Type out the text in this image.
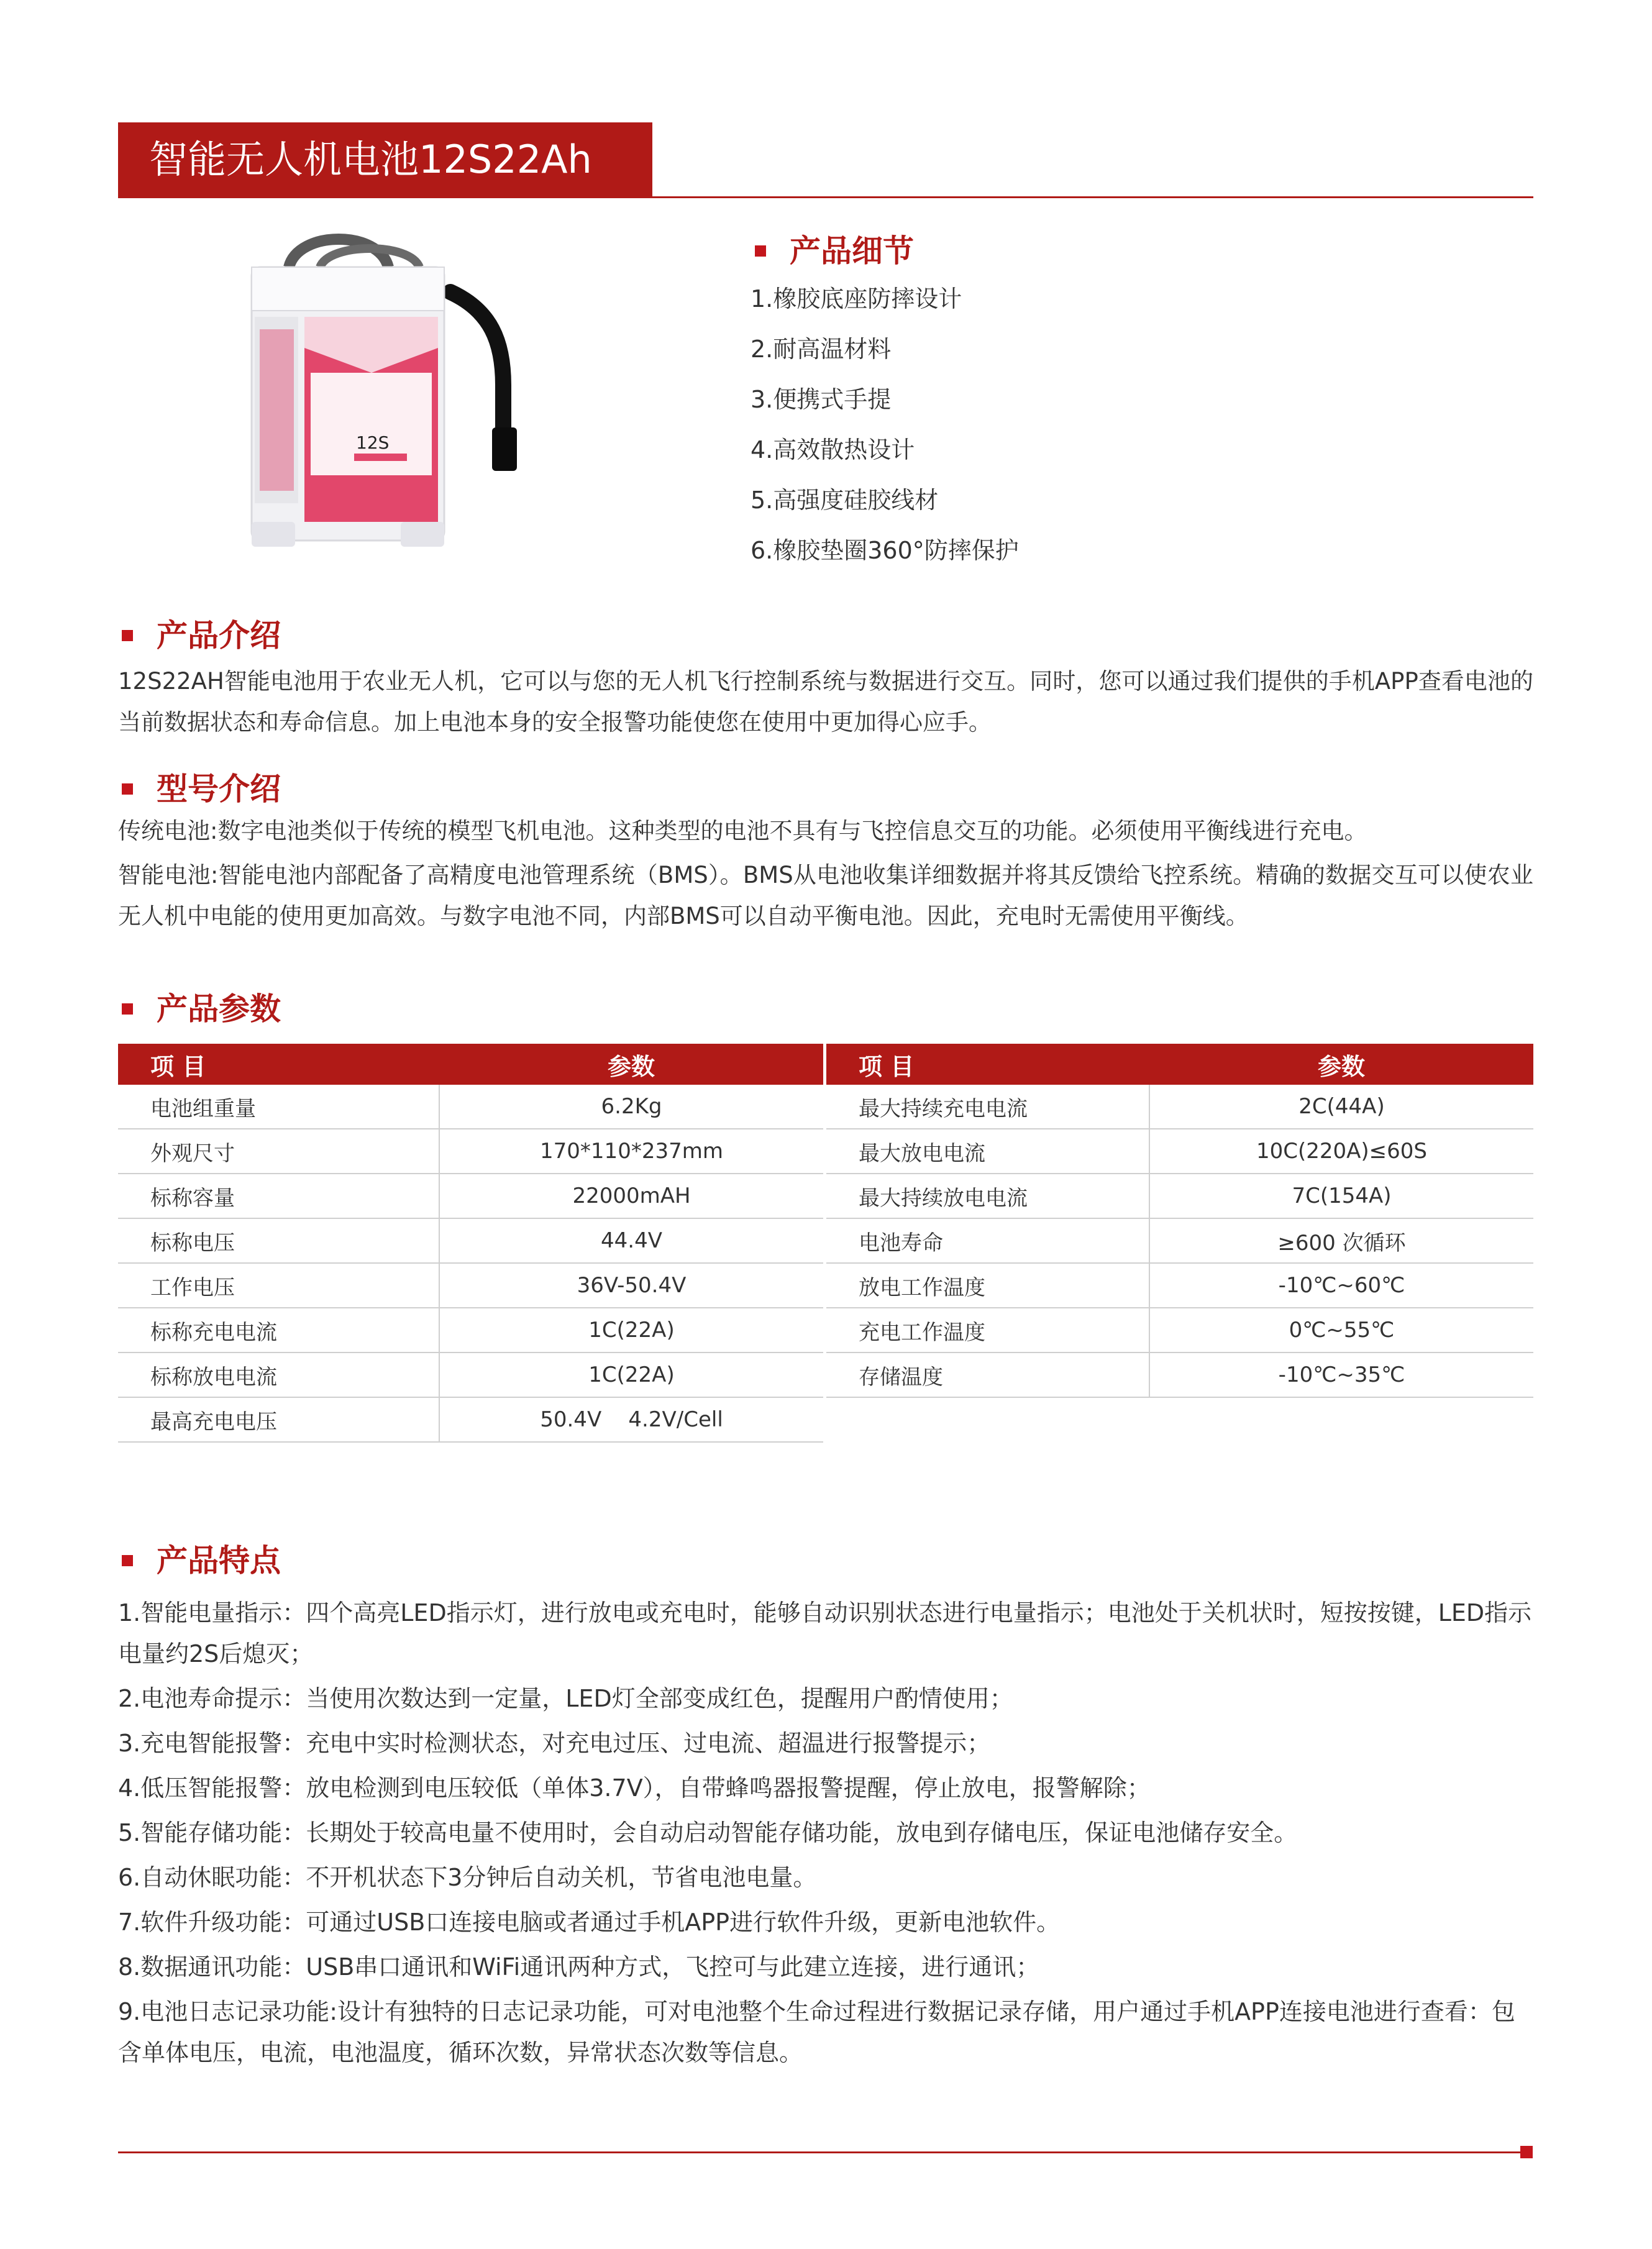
智能无人机电池12S22Ah
12S
产品细节
1.橡胶底座防摔设计
2.耐高温材料
3.便携式手提
4.高效散热设计
5.高强度硅胶线材
6.橡胶垫圈360°防摔保护
产品介绍
12S22AH智能电池用于农业无人机，它可以与您的无人机飞行控制系统与数据进行交互。同时，您可以通过我们提供的手机APP查看电池的当前数据状态和寿命信息。加上电池本身的安全报警功能使您在使用中更加得心应手。
型号介绍
传统电池:数字电池类似于传统的模型飞机电池。这种类型的电池不具有与飞控信息交互的功能。必须使用平衡线进行充电。
智能电池:智能电池内部配备了高精度电池管理系统（BMS）。BMS从电池收集详细数据并将其反馈给飞控系统。精确的数据交互可以使农业无人机中电能的使用更加高效。与数字电池不同，内部BMS可以自动平衡电池。因此，充电时无需使用平衡线。
产品参数
项 目	参数
电池组重量	6.2Kg
外观尺寸	170*110*237mm
标称容量	22000mAH
标称电压	44.4V
工作电压	36V-50.4V
标称充电电流	1C(22A)
标称放电电流	1C(22A)
最高充电电压	50.4V    4.2V/Cell
项 目	参数
最大持续充电电流	2C(44A)
最大放电电流	10C(220A)≤60S
最大持续放电电流	7C(154A)
电池寿命	≥600 次循环
放电工作温度	-10℃~60℃
充电工作温度	0℃~55℃
存储温度	-10℃~35℃
产品特点

1.智能电量指示：四个高亮LED指示灯，进行放电或充电时，能够自动识别状态进行电量指示；电池处于关机状时，短按按键，LED指示电量约2S后熄灭；

2.电池寿命提示：当使用次数达到一定量，LED灯全部变成红色，提醒用户酌情使用；

3.充电智能报警：充电中实时检测状态，对充电过压、过电流、超温进行报警提示；

4.低压智能报警：放电检测到电压较低（单体3.7V），自带蜂鸣器报警提醒，停止放电，报警解除；

5.智能存储功能：长期处于较高电量不使用时，会自动启动智能存储功能，放电到存储电压，保证电池储存安全。

6.自动休眠功能：不开机状态下3分钟后自动关机，节省电池电量。

7.软件升级功能：可通过USB口连接电脑或者通过手机APP进行软件升级，更新电池软件。

8.数据通讯功能：USB串口通讯和WiFi通讯两种方式，飞控可与此建立连接，进行通讯；

9.电池日志记录功能:设计有独特的日志记录功能，可对电池整个生命过程进行数据记录存储，用户通过手机APP连接电池进行查看：包含单体电压，电流，电池温度，循环次数，异常状态次数等信息。
